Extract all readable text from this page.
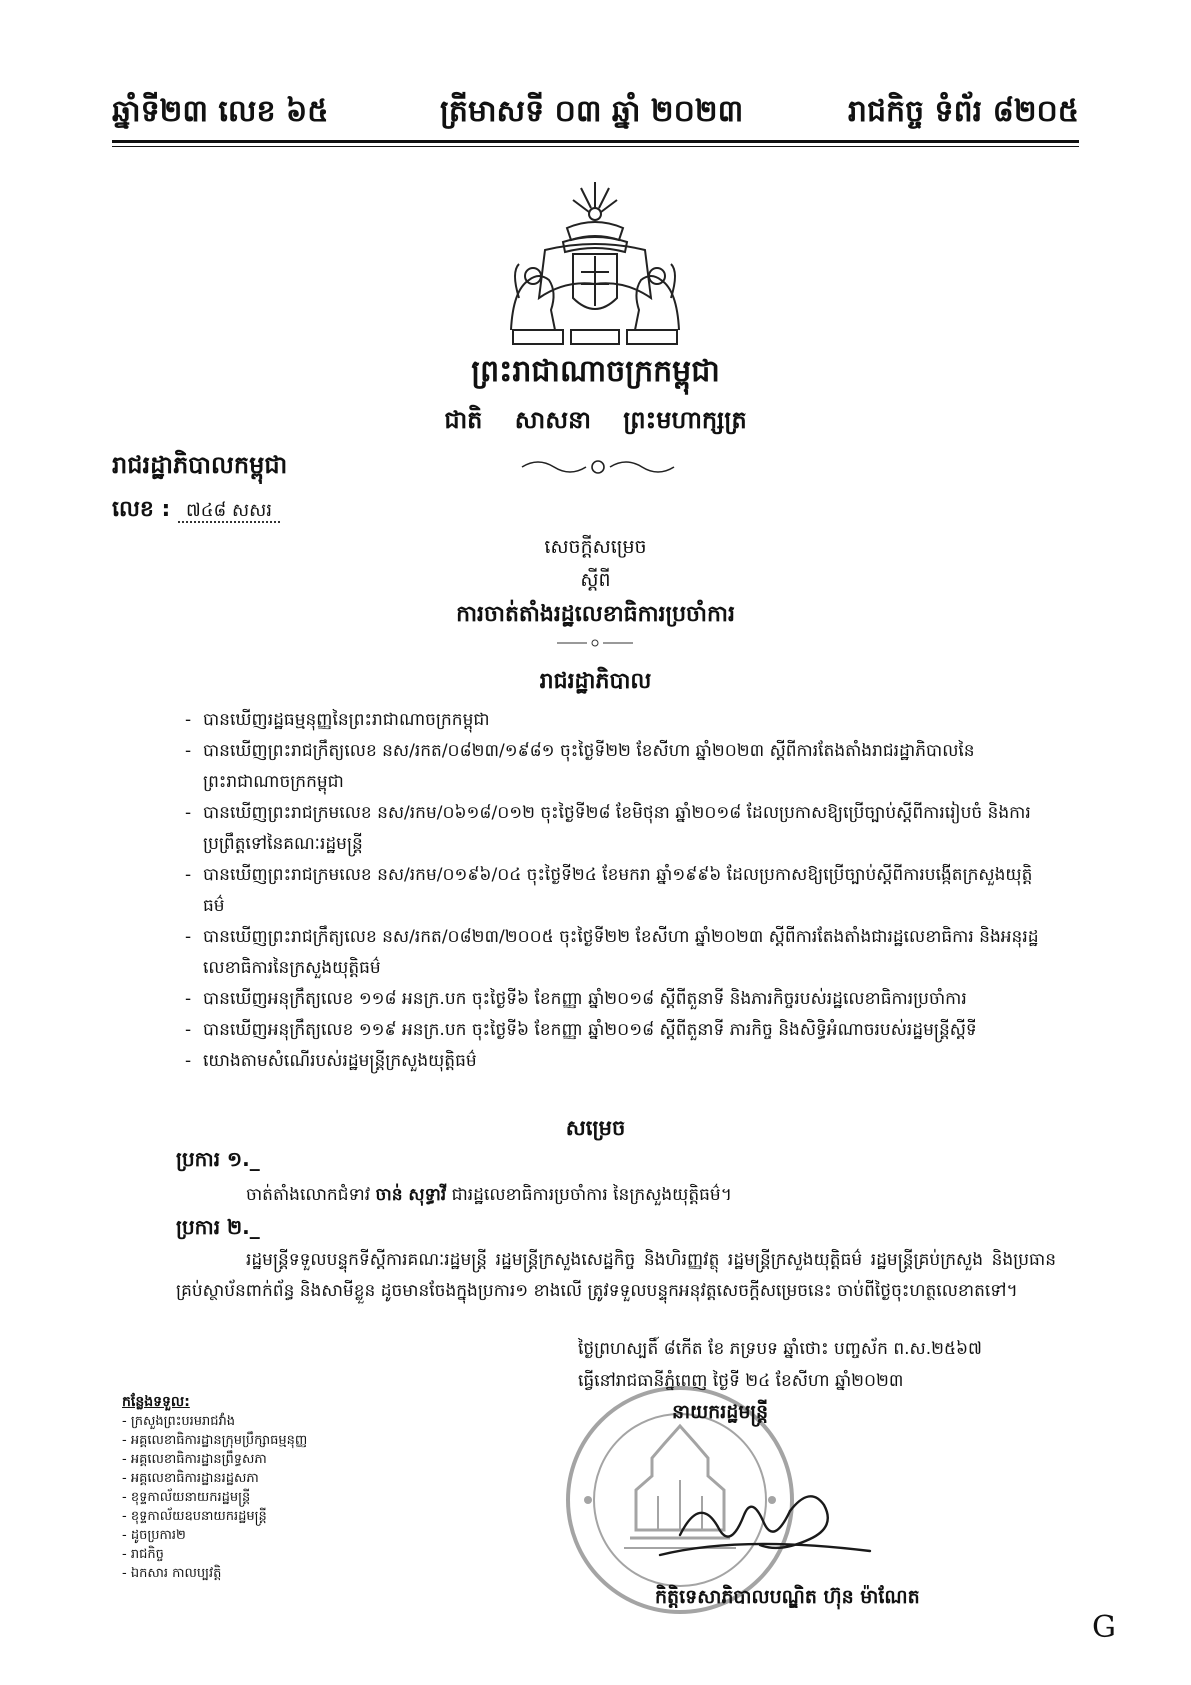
ឆ្នាំទី២៣ លេខ ៦៥	ត្រីមាសទី ០៣ ឆ្នាំ ២០២៣	រាជកិច្ច ទំព័រ ៨២០៥
ព្រះរាជាណាចក្រកម្ពុជា
ជាតិ សាសនា ព្រះមហាក្សត្រ
រាជរដ្ឋាភិបាលកម្ពុជា
លេខ : ៧៤៨ សសរ
សេចក្ដីសម្រេច
ស្ដីពី
ការចាត់តាំងរដ្ឋលេខាធិការប្រចាំការ
រាជរដ្ឋាភិបាល
- បានឃើញរដ្ឋធម្មនុញ្ញនៃព្រះរាជាណាចក្រកម្ពុជា
- បានឃើញព្រះរាជក្រឹត្យលេខ នស/រកត/០៨២៣/១៩៨១ ចុះថ្ងៃទី២២ ខែសីហា ឆ្នាំ២០២៣ ស្ដីពីការតែងតាំងរាជរដ្ឋាភិបាលនៃព្រះរាជាណាចក្រកម្ពុជា
- បានឃើញព្រះរាជក្រមលេខ នស/រកម/០៦១៨/០១២ ចុះថ្ងៃទី២៨ ខែមិថុនា ឆ្នាំ២០១៨ ដែលប្រកាសឱ្យប្រើច្បាប់ស្ដីពីការរៀបចំ និងការប្រព្រឹត្តទៅនៃគណៈរដ្ឋមន្ត្រី
- បានឃើញព្រះរាជក្រមលេខ នស/រកម/០១៩៦/០៤ ចុះថ្ងៃទី២៤ ខែមករា ឆ្នាំ១៩៩៦ ដែលប្រកាសឱ្យប្រើច្បាប់ស្ដីពីការបង្កើតក្រសួងយុត្តិធម៌
- បានឃើញព្រះរាជក្រឹត្យលេខ នស/រកត/០៨២៣/២០០៥ ចុះថ្ងៃទី២២ ខែសីហា ឆ្នាំ២០២៣ ស្ដីពីការតែងតាំងជារដ្ឋលេខាធិការ និងអនុរដ្ឋលេខាធិការនៃក្រសួងយុត្តិធម៌
- បានឃើញអនុក្រឹត្យលេខ ១១៨ អនក្រ.បក ចុះថ្ងៃទី៦ ខែកញ្ញា ឆ្នាំ២០១៨ ស្ដីពីតួនាទី និងភារកិច្ចរបស់រដ្ឋលេខាធិការប្រចាំការ
- បានឃើញអនុក្រឹត្យលេខ ១១៩ អនក្រ.បក ចុះថ្ងៃទី៦ ខែកញ្ញា ឆ្នាំ២០១៨ ស្ដីពីតួនាទី ភារកិច្ច និងសិទ្ធិអំណាចរបស់រដ្ឋមន្ត្រីស្ដីទី
- យោងតាមសំណើរបស់រដ្ឋមន្ត្រីក្រសួងយុត្តិធម៌
សម្រេច
ប្រការ ១._
ចាត់តាំងលោកជំទាវ ចាន់ សុទ្ធាវី ជារដ្ឋលេខាធិការប្រចាំការ នៃក្រសួងយុត្តិធម៌។
ប្រការ ២._
រដ្ឋមន្ត្រីទទួលបន្ទុកទីស្ដីការគណៈរដ្ឋមន្ត្រី រដ្ឋមន្ត្រីក្រសួងសេដ្ឋកិច្ច និងហិរញ្ញវត្ថុ រដ្ឋមន្ត្រីក្រសួងយុត្តិធម៌ រដ្ឋមន្ត្រីគ្រប់ក្រសួង និងប្រធានគ្រប់ស្ថាប័នពាក់ព័ន្ធ និងសាមីខ្លួន ដូចមានចែងក្នុងប្រការ១ ខាងលើ ត្រូវទទួលបន្ទុកអនុវត្តសេចក្ដីសម្រេចនេះ ចាប់ពីថ្ងៃចុះហត្ថលេខាតទៅ។
ថ្ងៃព្រហស្បតិ៍ ៨កើត ខែ ភទ្របទ ឆ្នាំថោះ បញ្ចស័ក ព.ស.២៥៦៧
ធ្វើនៅរាជធានីភ្នំពេញ ថ្ងៃទី ២៤ ខែសីហា ឆ្នាំ២០២៣
នាយករដ្ឋមន្ត្រី
កិត្តិទេសាភិបាលបណ្ឌិត ហ៊ុន ម៉ាណែត
កន្លែងទទួល:
- ក្រសួងព្រះបរមរាជវាំង
- អគ្គលេខាធិការដ្ឋានក្រុមប្រឹក្សាធម្មនុញ្ញ
- អគ្គលេខាធិការដ្ឋានព្រឹទ្ធសភា
- អគ្គលេខាធិការដ្ឋានរដ្ឋសភា
- ខុទ្ទកាល័យនាយករដ្ឋមន្ត្រី
- ខុទ្ទកាល័យឧបនាយករដ្ឋមន្ត្រី
- ដូចប្រការ២
- រាជកិច្ច
- ឯកសារ កាលប្បវត្តិ
G
